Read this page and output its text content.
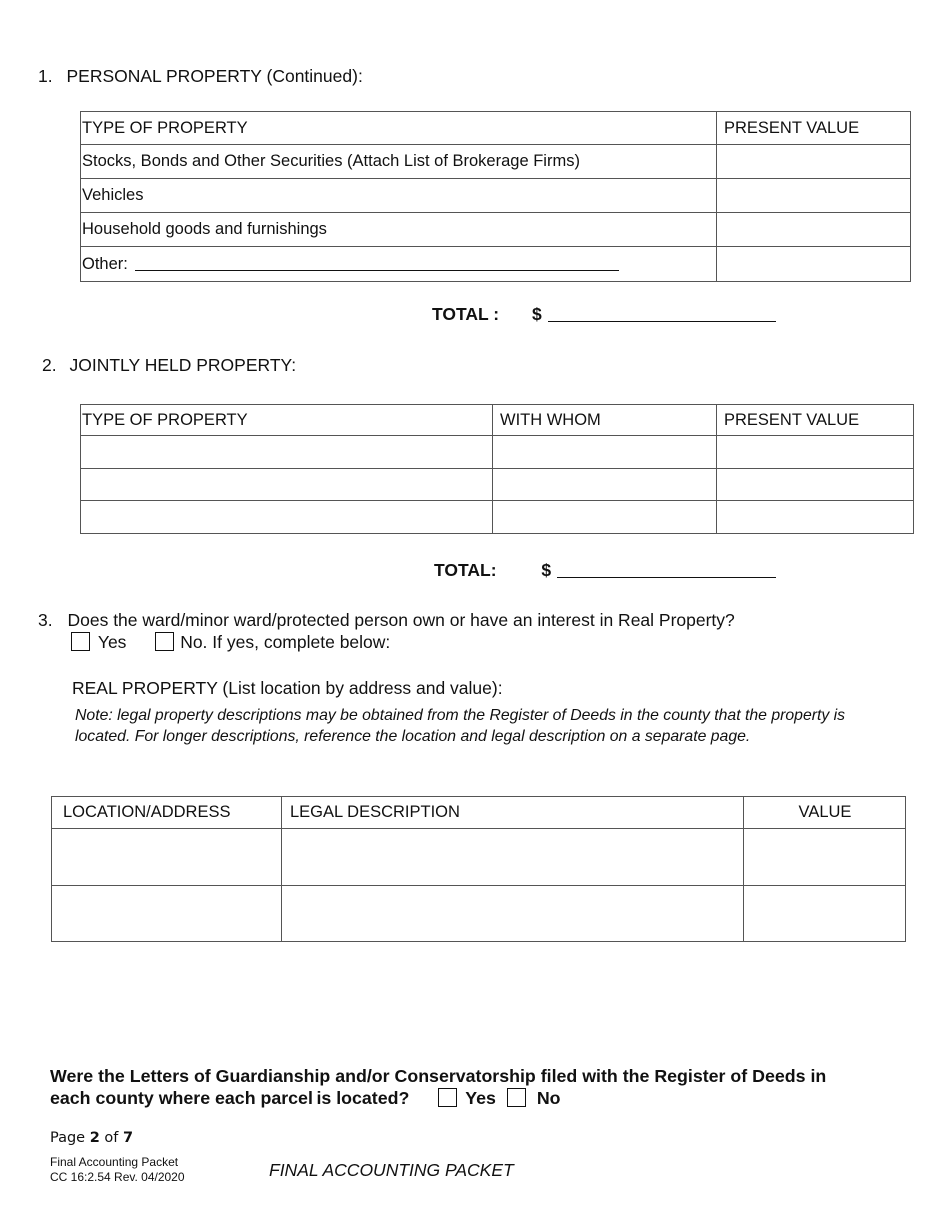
1. PERSONAL PROPERTY (Continued):
TYPE OF PROPERTY	PRESENT VALUE
Stocks, Bonds and Other Securities (Attach List of Brokerage Firms)	
Vehicles	
Household goods and furnishings	
Other:	
TOTAL : $
2. JOINTLY HELD PROPERTY:
TYPE OF PROPERTY	WITH WHOM	PRESENT VALUE

TOTAL:	$
3. Does the ward/minor ward/protected person own or have an interest in Real Property?
Yes	No. If yes, complete below:
REAL PROPERTY (List location by address and value):
Note: legal property descriptions may be obtained from the Register of Deeds in the county that the property is located. For longer descriptions, reference the location and legal description on a separate page.
LOCATION/ADDRESS	LEGAL DESCRIPTION	VALUE

Were the Letters of Guardianship and/or Conservatorship filed with the Register of Deeds in
each county where each parcel is located?	Yes No
Page 2 of 7
Final Accounting Packet
CC 16:2.54 Rev. 04/2020	FINAL ACCOUNTING PACKET
